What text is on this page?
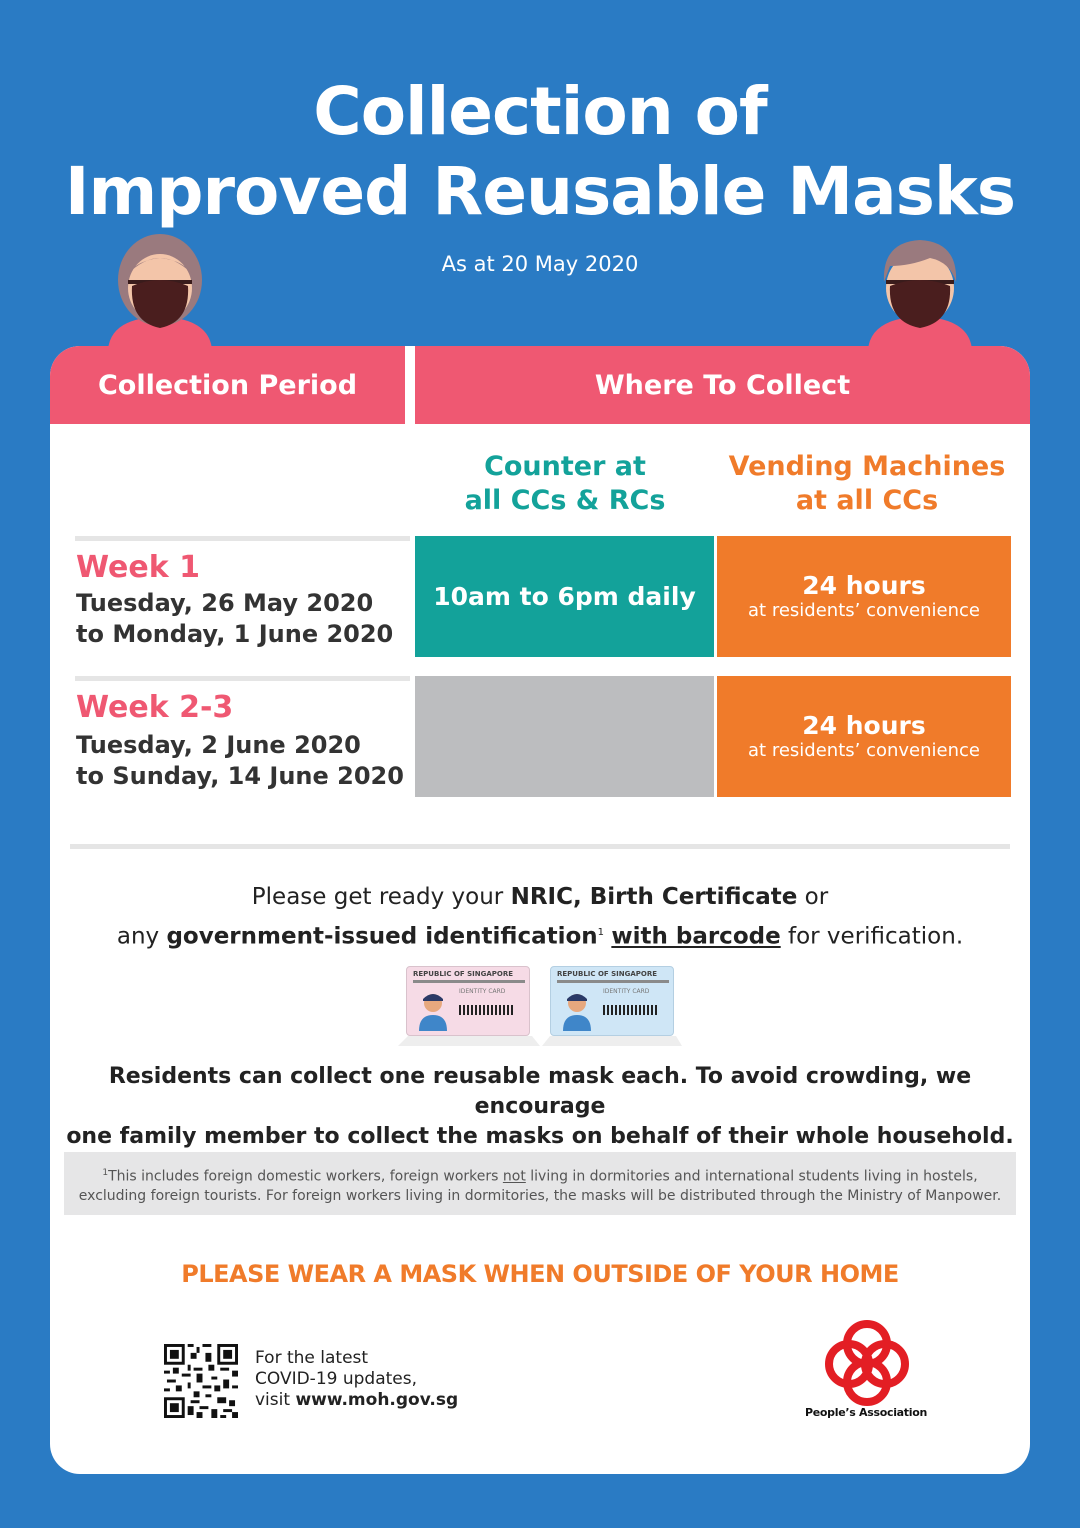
Collection of
Improved Reusable Masks
As at 20 May 2020
Collection Period	Where To Collect
Counter at
all CCs & RCs
Vending Machines
at all CCs
Week 1
Tuesday, 26 May 2020
to Monday, 1 June 2020
10am to 6pm daily	24 hours
at residents’ convenience
Week 2-3
Tuesday, 2 June 2020
to Sunday, 14 June 2020
24 hours
at residents’ convenience
Please get ready your NRIC, Birth Certificate or
any government-issued identification$^1$ with barcode for verification.
REPUBLIC OF SINGAPORE
IDENTITY CARD
REPUBLIC OF SINGAPORE
IDENTITY CARD
Residents can collect one reusable mask each. To avoid crowding, we encourage
one family member to collect the masks on behalf of their whole household.
$^1$This includes foreign domestic workers, foreign workers not living in dormitories and international students living in hostels,
excluding foreign tourists. For foreign workers living in dormitories, the masks will be distributed through the Ministry of Manpower.
PLEASE WEAR A MASK WHEN OUTSIDE OF YOUR HOME
For the latest
COVID-19 updates,
visit www.moh.gov.sg
People’s Association
